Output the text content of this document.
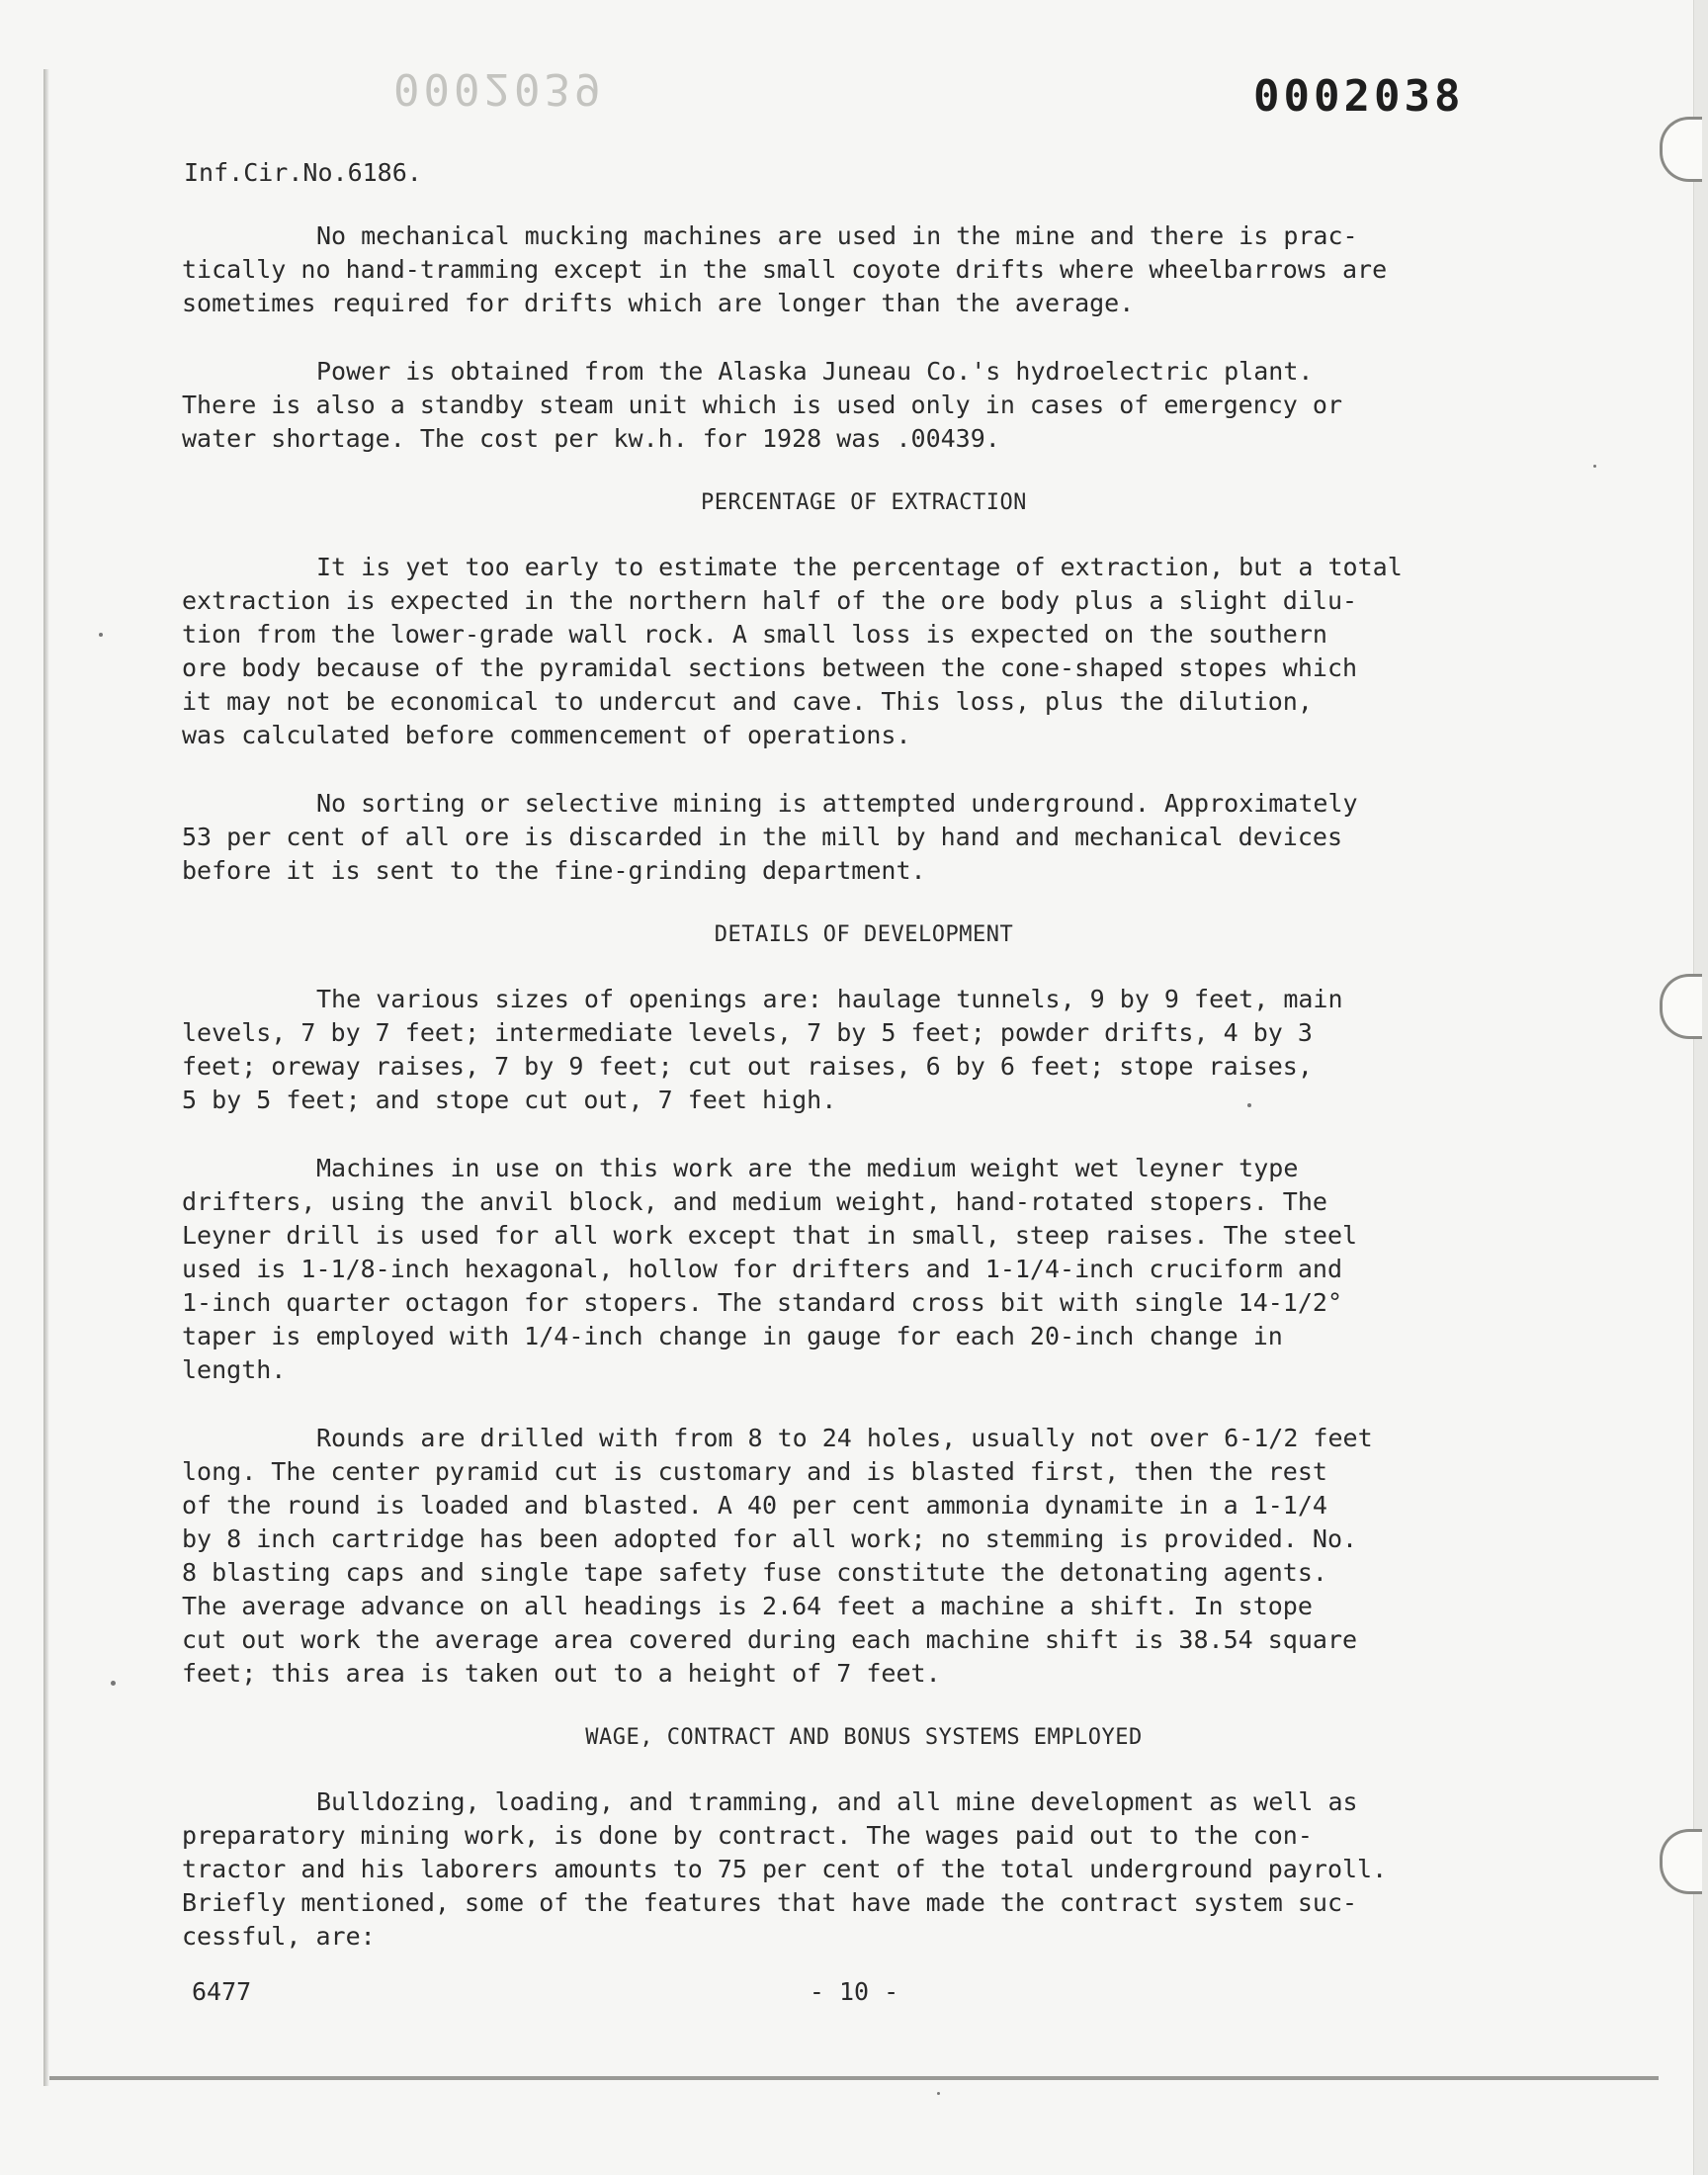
0002039	0002038
Inf.Cir.No.6186.
No mechanical mucking machines are used in the mine and there is prac-
tically no hand-tramming except in the small coyote drifts where wheelbarrows are
sometimes required for drifts which are longer than the average.
Power is obtained from the Alaska Juneau Co.'s hydroelectric plant.
There is also a standby steam unit which is used only in cases of emergency or
water shortage. The cost per kw.h. for 1928 was .00439.
PERCENTAGE OF EXTRACTION
It is yet too early to estimate the percentage of extraction, but a total
extraction is expected in the northern half of the ore body plus a slight dilu-
tion from the lower-grade wall rock. A small loss is expected on the southern
ore body because of the pyramidal sections between the cone-shaped stopes which
it may not be economical to undercut and cave. This loss, plus the dilution,
was calculated before commencement of operations.
No sorting or selective mining is attempted underground. Approximately
53 per cent of all ore is discarded in the mill by hand and mechanical devices
before it is sent to the fine-grinding department.
DETAILS OF DEVELOPMENT
The various sizes of openings are: haulage tunnels, 9 by 9 feet, main
levels, 7 by 7 feet; intermediate levels, 7 by 5 feet; powder drifts, 4 by 3
feet; oreway raises, 7 by 9 feet; cut out raises, 6 by 6 feet; stope raises,
5 by 5 feet; and stope cut out, 7 feet high.
Machines in use on this work are the medium weight wet leyner type
drifters, using the anvil block, and medium weight, hand-rotated stopers. The
Leyner drill is used for all work except that in small, steep raises. The steel
used is 1-1/8-inch hexagonal, hollow for drifters and 1-1/4-inch cruciform and
1-inch quarter octagon for stopers. The standard cross bit with single 14-1/2°
taper is employed with 1/4-inch change in gauge for each 20-inch change in
length.
Rounds are drilled with from 8 to 24 holes, usually not over 6-1/2 feet
long. The center pyramid cut is customary and is blasted first, then the rest
of the round is loaded and blasted. A 40 per cent ammonia dynamite in a 1-1/4
by 8 inch cartridge has been adopted for all work; no stemming is provided. No.
8 blasting caps and single tape safety fuse constitute the detonating agents.
The average advance on all headings is 2.64 feet a machine a shift. In stope
cut out work the average area covered during each machine shift is 38.54 square
feet; this area is taken out to a height of 7 feet.
WAGE, CONTRACT AND BONUS SYSTEMS EMPLOYED
Bulldozing, loading, and tramming, and all mine development as well as
preparatory mining work, is done by contract. The wages paid out to the con-
tractor and his laborers amounts to 75 per cent of the total underground payroll.
Briefly mentioned, some of the features that have made the contract system suc-
cessful, are:
6477	- 10 -
